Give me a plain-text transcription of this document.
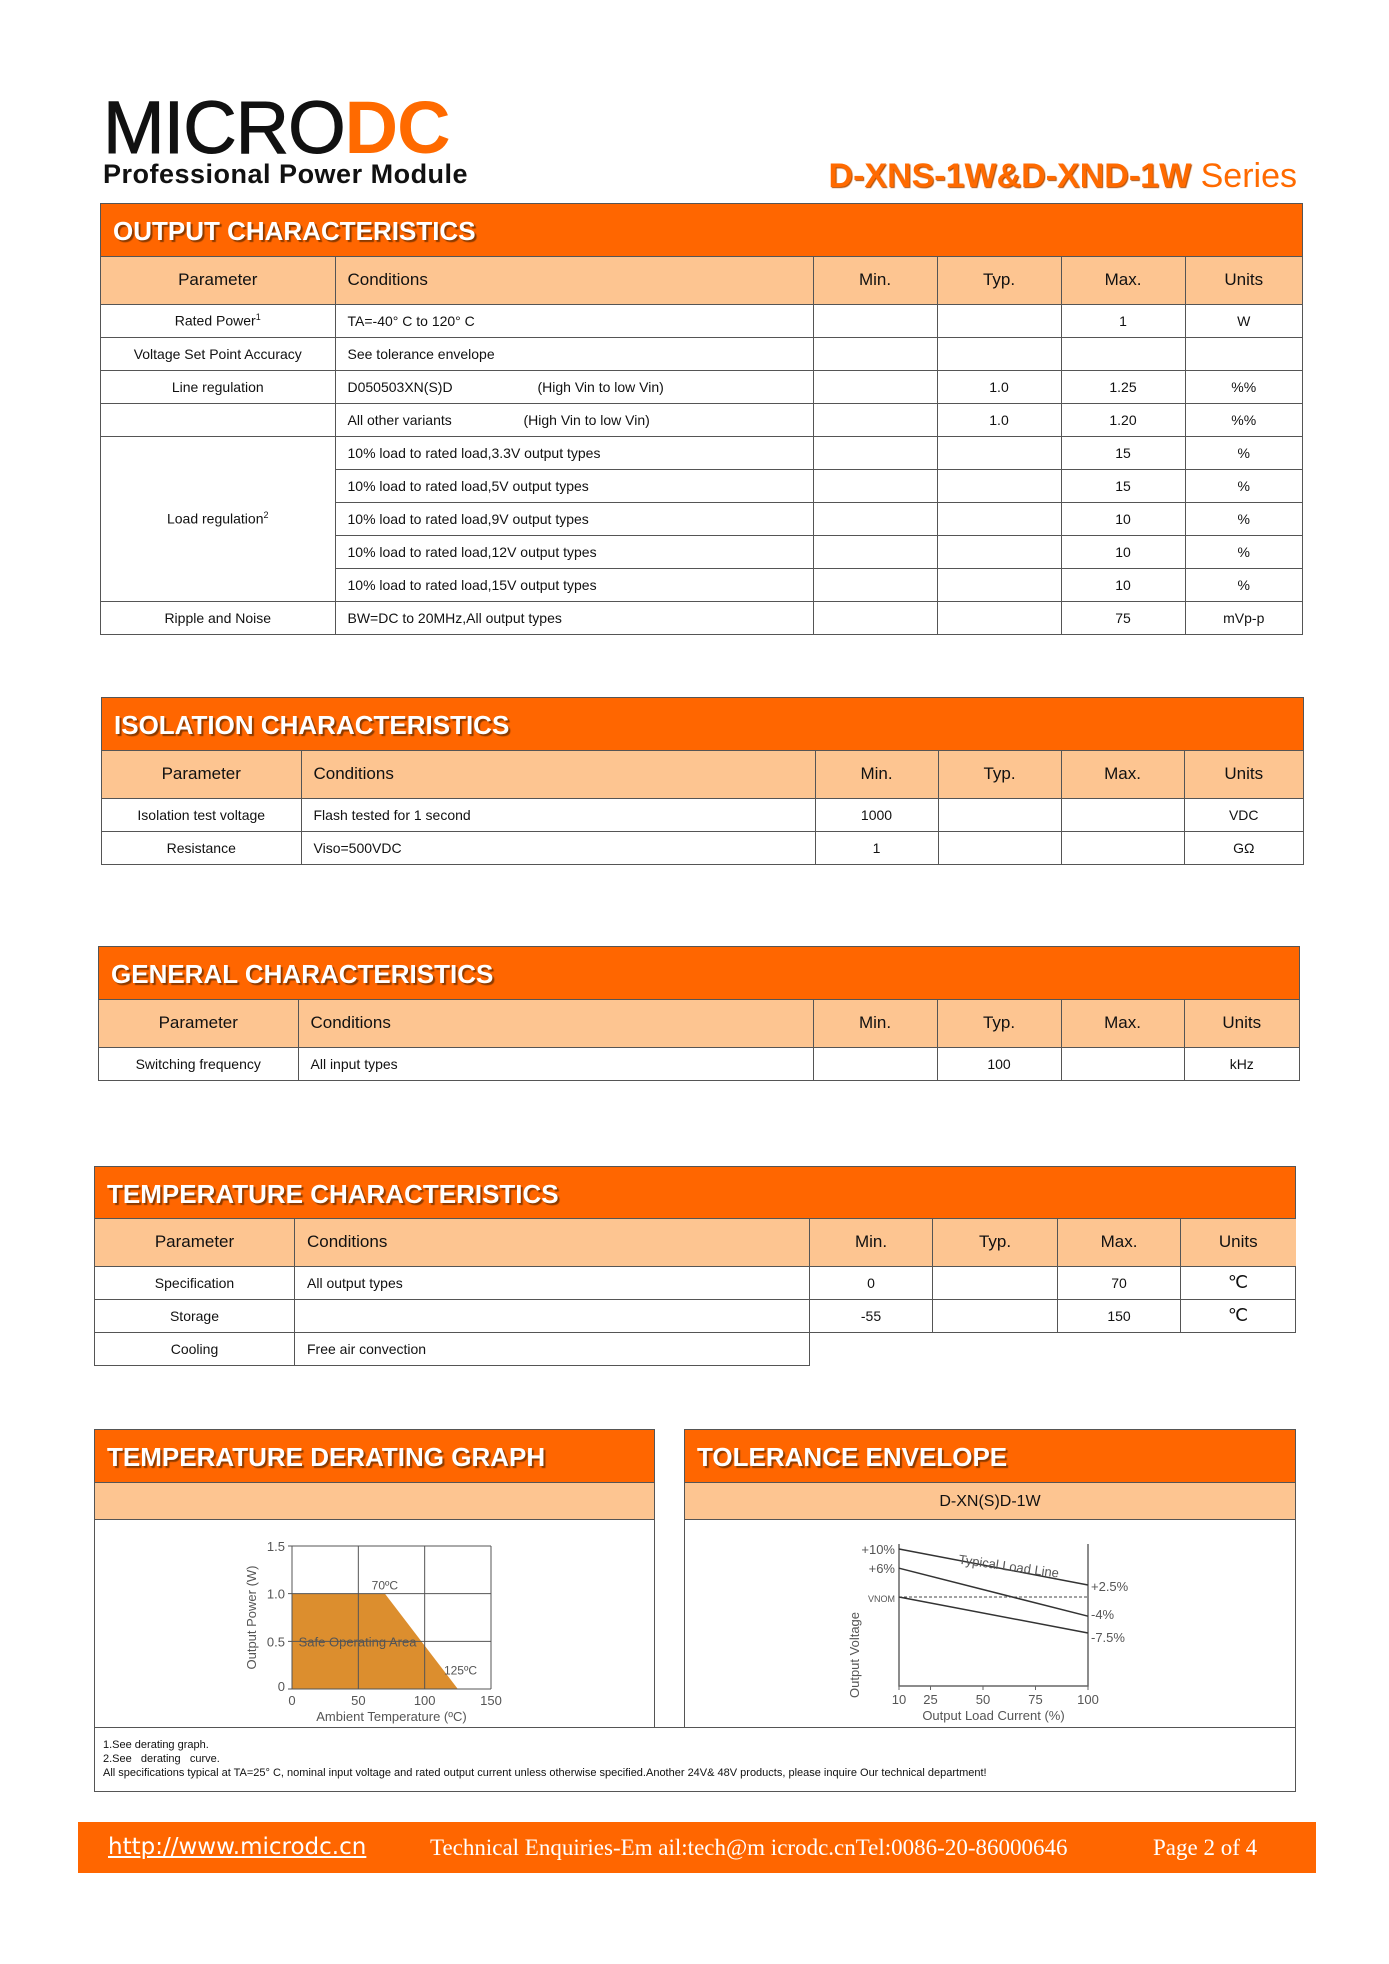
MICRODC
Professional Power Module	D-XNS-1W&D-XND-1W Series
OUTPUT CHARACTERISTICS
Parameter	Conditions	Min.	Typ.	Max.	Units
Rated Power$^1$	TA=-40° C to 120° C			1	W
Voltage Set Point Accuracy	See tolerance envelope				
Line regulation	D050503XN(S)D (High Vin to low Vin)		1.0	1.25	%%
	All other variants (High Vin to low Vin)		1.0	1.20	%%
Load regulation$^2$	10% load to rated load,3.3V output types			15	%
	10% load to rated load,5V output types			15	%
	10% load to rated load,9V output types			10	%
	10% load to rated load,12V output types			10	%
	10% load to rated load,15V output types			10	%
Ripple and Noise	BW=DC to 20MHz,All output types			75	mVp-p
ISOLATION CHARACTERISTICS
Parameter	Conditions	Min.	Typ.	Max.	Units
Isolation test voltage	Flash tested for 1 second	1000			VDC
Resistance	Viso=500VDC	1			GΩ
GENERAL CHARACTERISTICS
Parameter	Conditions	Min.	Typ.	Max.	Units
Switching frequency	All input types		100		kHz
TEMPERATURE CHARACTERISTICS
Parameter	Conditions	Min.	Typ.	Max.	Units
Specification	All output types	0		70	℃
Storage		-55		150	℃
Cooling	Free air convection				
TEMPERATURE DERATING GRAPH	TOLERANCE ENVELOPE
D-XN(S)D-1W
0	50	100	150
0
0.5
1.0
1.5
Ambient Temperature (ºC)
Output Power (W)	70ºC
125ºC
Safe Operating Area
10 25	50	75	100
+10%
+6%
VNOM
+2.5%
-4%
-7.5%
Typical Load Line
Output Load Current (%)
Output Voltage
1.See derating graph.
2.See   derating   curve.
All specifications typical at TA=25° C, nominal input voltage and rated output current unless otherwise specified.Another 24V& 48V products, please inquire Our technical department!
http://www.microdc.cn	Technical Enquiries-Em ail:tech@m icrodc.cnTel:0086-20-86000646	Page 2 of 4
